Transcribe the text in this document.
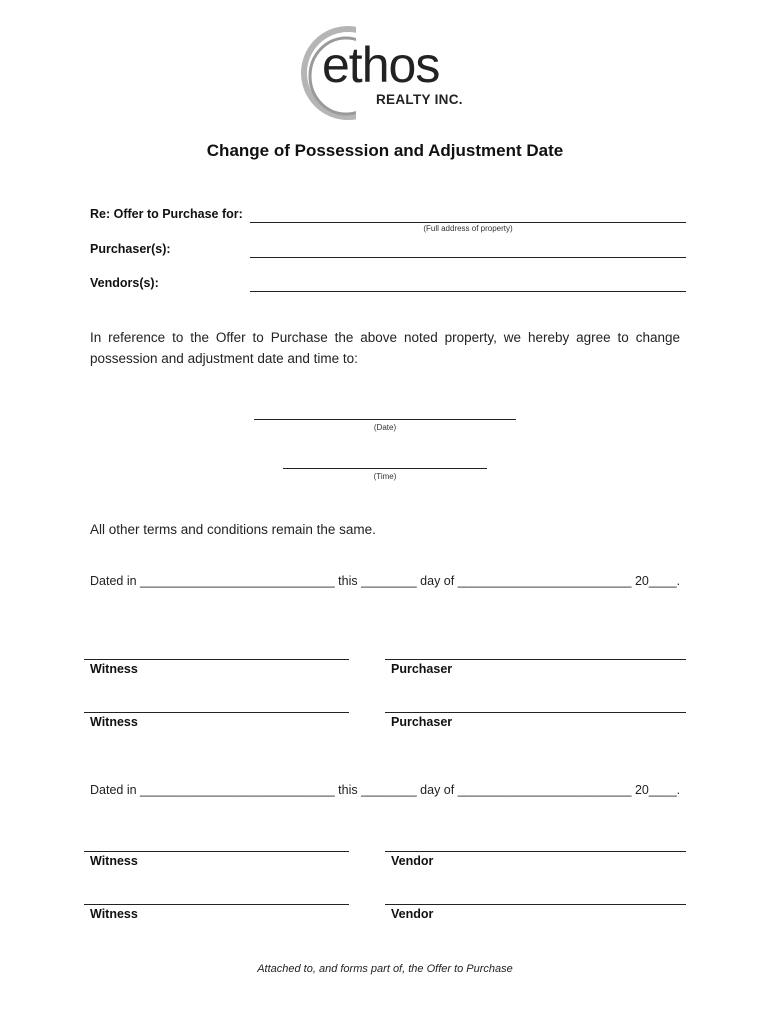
ethos
REALTY INC.
Change of Possession and Adjustment Date
Re: Offer to Purchase for:
(Full address of property)
Purchaser(s):
Vendors(s):
In reference to the Offer to Purchase the above noted property, we hereby agree to change possession and adjustment date and time to:
(Date)
(Time)
All other terms and conditions remain the same.
Dated in ____________________________ this ________ day of _________________________ 20____.
Witness	Purchaser
Witness	Purchaser
Dated in ____________________________ this ________ day of _________________________ 20____.
Witness	Vendor
Witness	Vendor
Attached to, and forms part of, the Offer to Purchase
